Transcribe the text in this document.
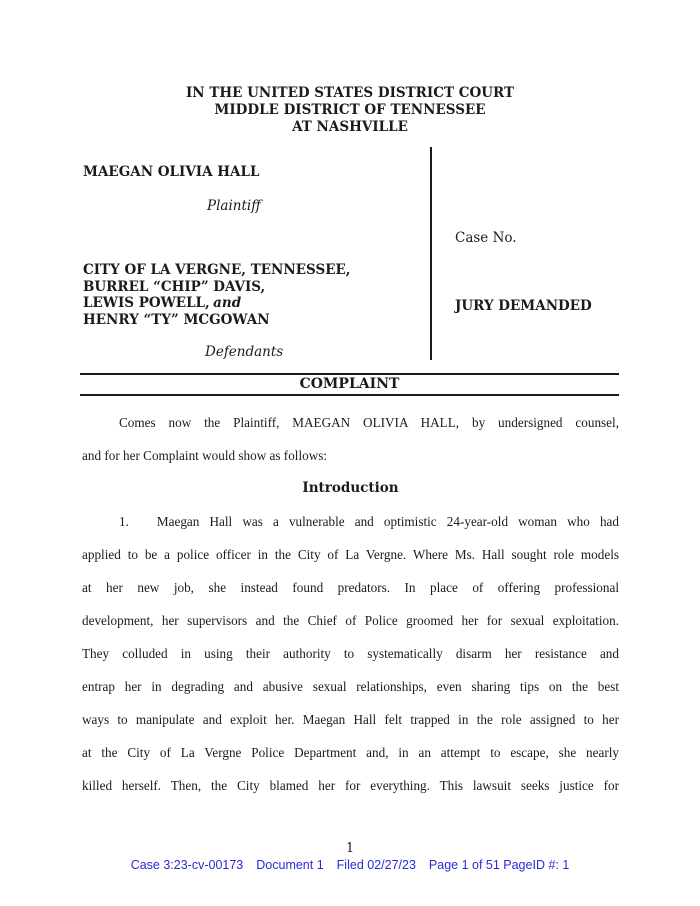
IN THE UNITED STATES DISTRICT COURT
MIDDLE DISTRICT OF TENNESSEE
AT NASHVILLE
MAEGAN OLIVIA HALL
Plaintiff
CITY OF LA VERGNE, TENNESSEE,
BURREL “CHIP” DAVIS,
LEWIS POWELL, and
HENRY “TY” MCGOWAN
Defendants
Case No.
JURY DEMANDED
COMPLAINT
Comes now the Plaintiff, MAEGAN OLIVIA HALL, by undersigned counsel,
and for her Complaint would show as follows:
Introduction
1. Maegan Hall was a vulnerable and optimistic 24-year-old woman who had
applied to be a police officer in the City of La Vergne. Where Ms. Hall sought role models
at her new job, she instead found predators. In place of offering professional
development, her supervisors and the Chief of Police groomed her for sexual exploitation.
They colluded in using their authority to systematically disarm her resistance and
entrap her in degrading and abusive sexual relationships, even sharing tips on the best
ways to manipulate and exploit her. Maegan Hall felt trapped in the role assigned to her
at the City of La Vergne Police Department and, in an attempt to escape, she nearly
killed herself. Then, the City blamed her for everything. This lawsuit seeks justice for
1
Case 3:23-cv-00173 Document 1 Filed 02/27/23 Page 1 of 51 PageID #: 1
